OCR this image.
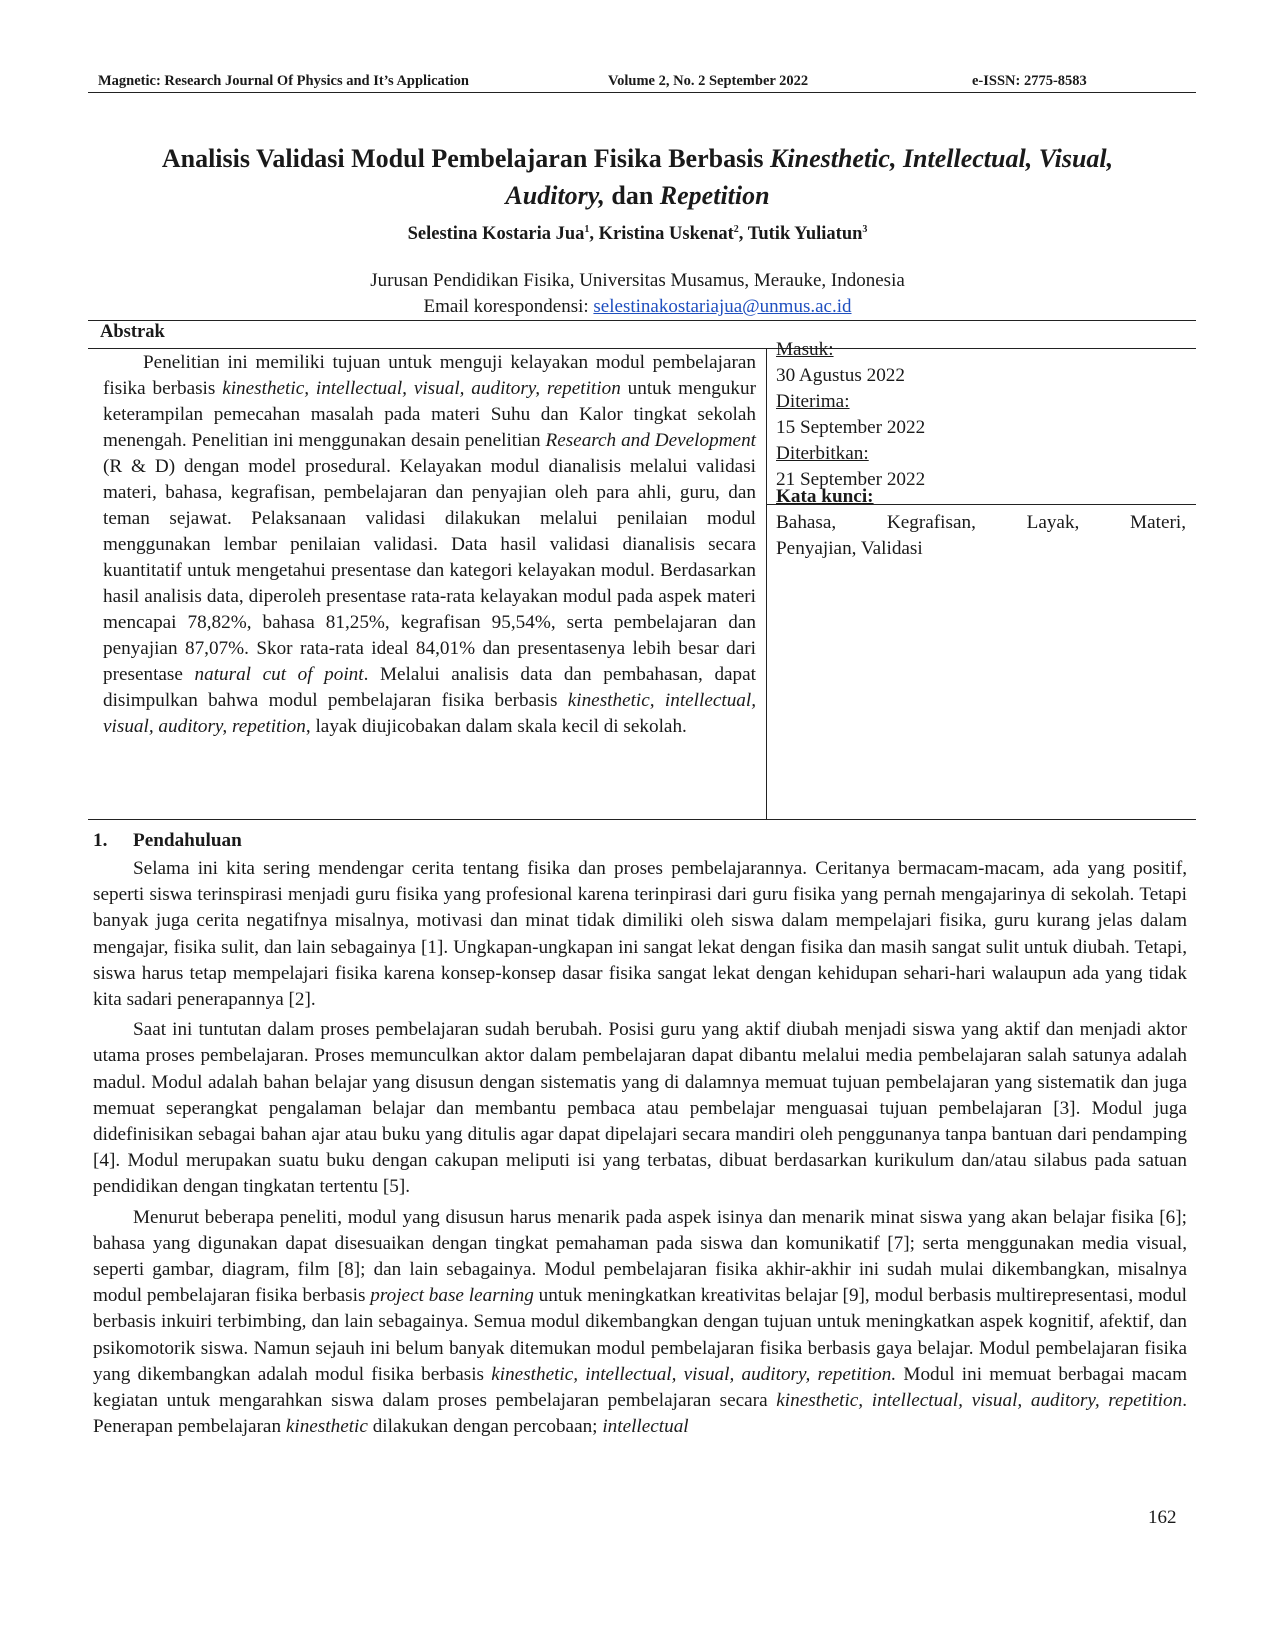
Magnetic: Research Journal Of Physics and It’s Application	Volume 2, No. 2 September 2022	e-ISSN: 2775-8583
Analisis Validasi Modul Pembelajaran Fisika Berbasis Kinesthetic, Intellectual, Visual,
Auditory, dan Repetition
Selestina Kostaria Jua$^1$, Kristina Uskenat$^2$, Tutik Yuliatun$^3$
Jurusan Pendidikan Fisika, Universitas Musamus, Merauke, Indonesia
Email korespondensi: selestinakostariajua@unmus.ac.id
Abstrak

Penelitian ini memiliki tujuan untuk menguji kelayakan modul pembelajaran fisika berbasis kinesthetic, intellectual, visual, auditory, repetition untuk mengukur keterampilan pemecahan masalah pada materi Suhu dan Kalor tingkat sekolah menengah. Penelitian ini menggunakan desain penelitian Research and Development (R & D) dengan model prosedural. Kelayakan modul dianalisis melalui validasi materi, bahasa, kegrafisan, pembelajaran dan penyajian oleh para ahli, guru, dan teman sejawat. Pelaksanaan validasi dilakukan melalui penilaian modul menggunakan lembar penilaian validasi. Data hasil validasi dianalisis secara kuantitatif untuk mengetahui presentase dan kategori kelayakan modul. Berdasarkan hasil analisis data, diperoleh presentase rata-rata kelayakan modul pada aspek materi mencapai 78,82%, bahasa 81,25%, kegrafisan 95,54%, serta pembelajaran dan penyajian 87,07%. Skor rata-rata ideal 84,01% dan presentasenya lebih besar dari presentase natural cut of point. Melalui analisis data dan pembahasan, dapat disimpulkan bahwa modul pembelajaran fisika berbasis kinesthetic, intellectual, visual, auditory, repetition, layak diujicobakan dalam skala kecil di sekolah.

Masuk:
30 Agustus 2022
Diterima:
15 September 2022
Diterbitkan:
21 September 2022
Kata kunci:
Bahasa,	Kegrafisan,	Layak,	Materi,
Penyajian, Validasi
1. Pendahuluan

Selama ini kita sering mendengar cerita tentang fisika dan proses pembelajarannya. Ceritanya bermacam-macam, ada yang positif, seperti siswa terinspirasi menjadi guru fisika yang profesional karena terinpirasi dari guru fisika yang pernah mengajarinya di sekolah. Tetapi banyak juga cerita negatifnya misalnya, motivasi dan minat tidak dimiliki oleh siswa dalam mempelajari fisika, guru kurang jelas dalam mengajar, fisika sulit, dan lain sebagainya [1]. Ungkapan-ungkapan ini sangat lekat dengan fisika dan masih sangat sulit untuk diubah. Tetapi, siswa harus tetap mempelajari fisika karena konsep-konsep dasar fisika sangat lekat dengan kehidupan sehari-hari walaupun ada yang tidak kita sadari penerapannya [2].

Saat ini tuntutan dalam proses pembelajaran sudah berubah. Posisi guru yang aktif diubah menjadi siswa yang aktif dan menjadi aktor utama proses pembelajaran. Proses memunculkan aktor dalam pembelajaran dapat dibantu melalui media pembelajaran salah satunya adalah madul. Modul adalah bahan belajar yang disusun dengan sistematis yang di dalamnya memuat tujuan pembelajaran yang sistematik dan juga memuat seperangkat pengalaman belajar dan membantu pembaca atau pembelajar menguasai tujuan pembelajaran [3]. Modul juga didefinisikan sebagai bahan ajar atau buku yang ditulis agar dapat dipelajari secara mandiri oleh penggunanya tanpa bantuan dari pendamping [4]. Modul merupakan suatu buku dengan cakupan meliputi isi yang terbatas, dibuat berdasarkan kurikulum dan/atau silabus pada satuan pendidikan dengan tingkatan tertentu [5].

Menurut beberapa peneliti, modul yang disusun harus menarik pada aspek isinya dan menarik minat siswa yang akan belajar fisika [6]; bahasa yang digunakan dapat disesuaikan dengan tingkat pemahaman pada siswa dan komunikatif [7]; serta menggunakan media visual, seperti gambar, diagram, film [8]; dan lain sebagainya. Modul pembelajaran fisika akhir-akhir ini sudah mulai dikembangkan, misalnya modul pembelajaran fisika berbasis project base learning untuk meningkatkan kreativitas belajar [9], modul berbasis multirepresentasi, modul berbasis inkuiri terbimbing, dan lain sebagainya. Semua modul dikembangkan dengan tujuan untuk meningkatkan aspek kognitif, afektif, dan psikomotorik siswa. Namun sejauh ini belum banyak ditemukan modul pembelajaran fisika berbasis gaya belajar. Modul pembelajaran fisika yang dikembangkan adalah modul fisika berbasis kinesthetic, intellectual, visual, auditory, repetition. Modul ini memuat berbagai macam kegiatan untuk mengarahkan siswa dalam proses pembelajaran pembelajaran secara kinesthetic, intellectual, visual, auditory, repetition. Penerapan pembelajaran kinesthetic dilakukan dengan percobaan; intellectual

162
